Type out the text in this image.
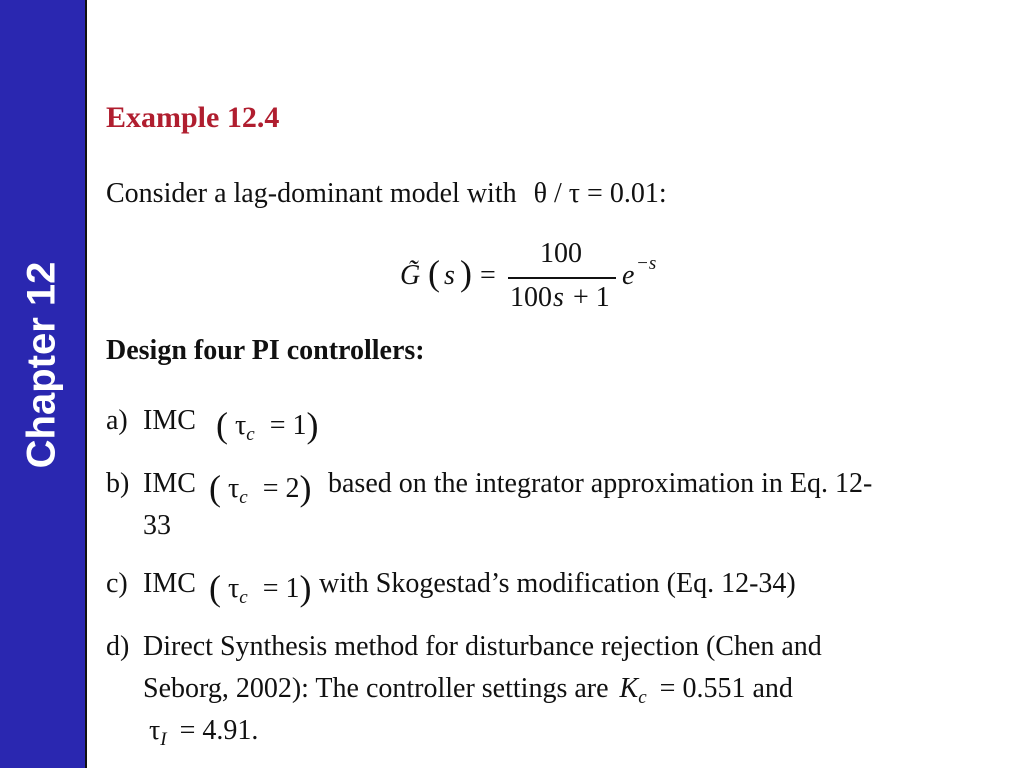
Chapter 12
Example 12.4
Consider a lag-dominant model with θ / τ = 0.01:
G̃ ( s ) =
100
100 s + 1
e −s
Design four PI controllers:
a) IMC ( $\tau_c = 1$)
b) IMC ( $\tau_c = 2$) based on the integrator approximation in Eq. 12-
33
c) IMC ( $\tau_c = 1$) with Skogestad’s modification (Eq. 12-34)
d) Direct Synthesis method for disturbance rejection (Chen and
Seborg, 2002): The controller settings are $K_c = 0.551$ and
$\tau_I = 4.91$.
